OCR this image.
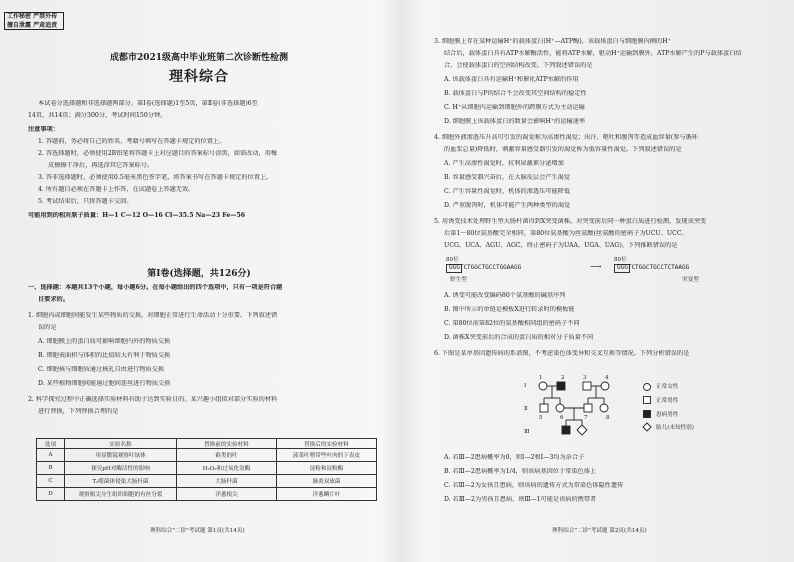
工作秘密 严禁外传
擅自泄露 严肃追责
成都市2021级高中毕业班第二次诊断性检测
理科综合
本试卷分选择题和非选择题两部分。第Ⅰ卷(选择题)1至5页，第Ⅱ卷(非选择题)6至
14页，共14页；满分300分，考试时间150分钟。
注意事项：
1. 答题前，务必将自己的姓名、考籍号填写在答题卡规定的位置上。
2. 答选择题时，必须使用2B铅笔将答题卡上对应题目的答案标号涂黑，如需改动，用橡
皮擦擦干净后，再选涂其它答案标号。
3. 答非选择题时，必须使用0.5毫米黑色签字笔，将答案书写在答题卡规定的位置上。
4. 所有题目必须在答题卡上作答，在试题卷上答题无效。
5. 考试结束后，只将答题卡交回。
可能用到的相对原子质量：H—1 C—12 O—16 Cl—35.5 Na—23 Fe—56
第Ⅰ卷(选择题，共126分)
一、选择题：本题共13个小题，每小题6分。在每小题给出的四个选项中，只有一项是符合题
目要求的。
1. 细胞内或细胞间能发生某些物质的交换，对细胞正常进行生命活动十分重要。下列叙述错
误的是
A. 细胞膜上的蛋白质可影响细胞内外的物质交换
B. 细胞表面积与体积的比值较大有利于物质交换
C. 细胞核与细胞质通过核孔自由进行物质交换
D. 某些植物细胞间能通过胞间连丝进行物质交换
2. 科学探究过程中正确选择实验材料有助于达到实验目的。某兴趣小组拟对部分实验的材料
进行替换，下列替换合理的是
选项	实验名称	替换前的实验材料	替换后的实验材料
A	用显微镜观察叶绿体	藓类的叶	菠菜叶稍带些叶肉的下表皮
B	探究pH对酶活性的影响	H₂O₂和过氧化氢酶	淀粉和淀粉酶
C	T₂噬菌体侵染大肠杆菌	大肠杆菌	肺炎双球菌
D	观察根尖分生组织细胞的有丝分裂	洋葱根尖	洋葱鳞片叶
理科综合"二诊"考试题 第1页(共14页)
3. 细胞膜上存在某种运输H⁺的载体蛋白(H⁺—ATP酶)，该载体蛋白与细胞膜内侧的H⁺
结合后，载体蛋白具有ATP水解酶活性，能将ATP水解，驱动H⁺运输到膜外，ATP水解产生的P与载体蛋白结
合，会使载体蛋白的空间结构改变。下列叙述错误的是
A. 该载体蛋白具有运输H⁺和催化ATP水解的作用
B. 载体蛋白与P的结合不会改变其空间结构的稳定性
C. H⁺从细胞内运输到细胞外的跨膜方式为主动运输
D. 细胞膜上该载体蛋白的数量会影响H⁺的运输速率
4. 细胞外液渗透压升高可引发的渴觉称为高渗性渴觉；出汗、呕吐和腹泻等造成血容量(参与循环
的血浆总量)降低时，刺激容量感受器引发的渴觉称为低容量性渴觉。下列叙述错误的是
A. 产生高渗性渴觉时，抗利尿激素分泌增加
B. 容量感受器兴奋后，在大脑皮层会产生渴觉
C. 产生容量性渴觉时，机体的渗透压可能降低
D. 严重腹泻时，机体可能产生两种类型的渴觉
5. 用诱变技术处理野生型大肠杆菌得到X突变菌株。对突变前后同一种蛋白质进行检测，发现该突变
后第1～80位氨基酸完全相同，第80位氨基酸为丝氨酸(丝氨酸的密码子为UCU、UCC、
UCG、UCA、AGU、AGC，终止密码子为UAA、UGA、UAG)。下列推断错误的是
80位
GGGTCTGGCTGCCTGGAAGG	⟶
80位
GGGTCTGGCTGCCTCTAAGG
野生型	突变型
A. 诱变可能改变编码80个氨基酸的碱基序列
B. 图中所示的单链是模板X进行转录时的模板链
C. 第80位前第82位的氨基酸相同组的密码子不同
D. 菌株X突变前后的合成的蛋白质的相对分子质量不同
6. 下图是某单基因遗传病的系谱图，不考虑染色体变异和交叉互换等情况。下列分析错误的是
Ⅰ
Ⅱ
Ⅲ
1	2	3	4
5	6	7	8
正常女性
正常男性
患病男性
胎儿(未知性别)
A. 若Ⅲ—2患病概率为0，则Ⅰ—2和Ⅰ—3均为杂合子
B. 若Ⅲ—2患病概率为1/4，则该病基因位于常染色体上
C. 若Ⅲ—2为女孩且患病，则该病的遗传方式为常染色体隐性遗传
D. 若Ⅲ—2为男孩且患病，则Ⅲ—1可能是该病的携带者
理科综合"二诊"考试题 第2页(共14页)
